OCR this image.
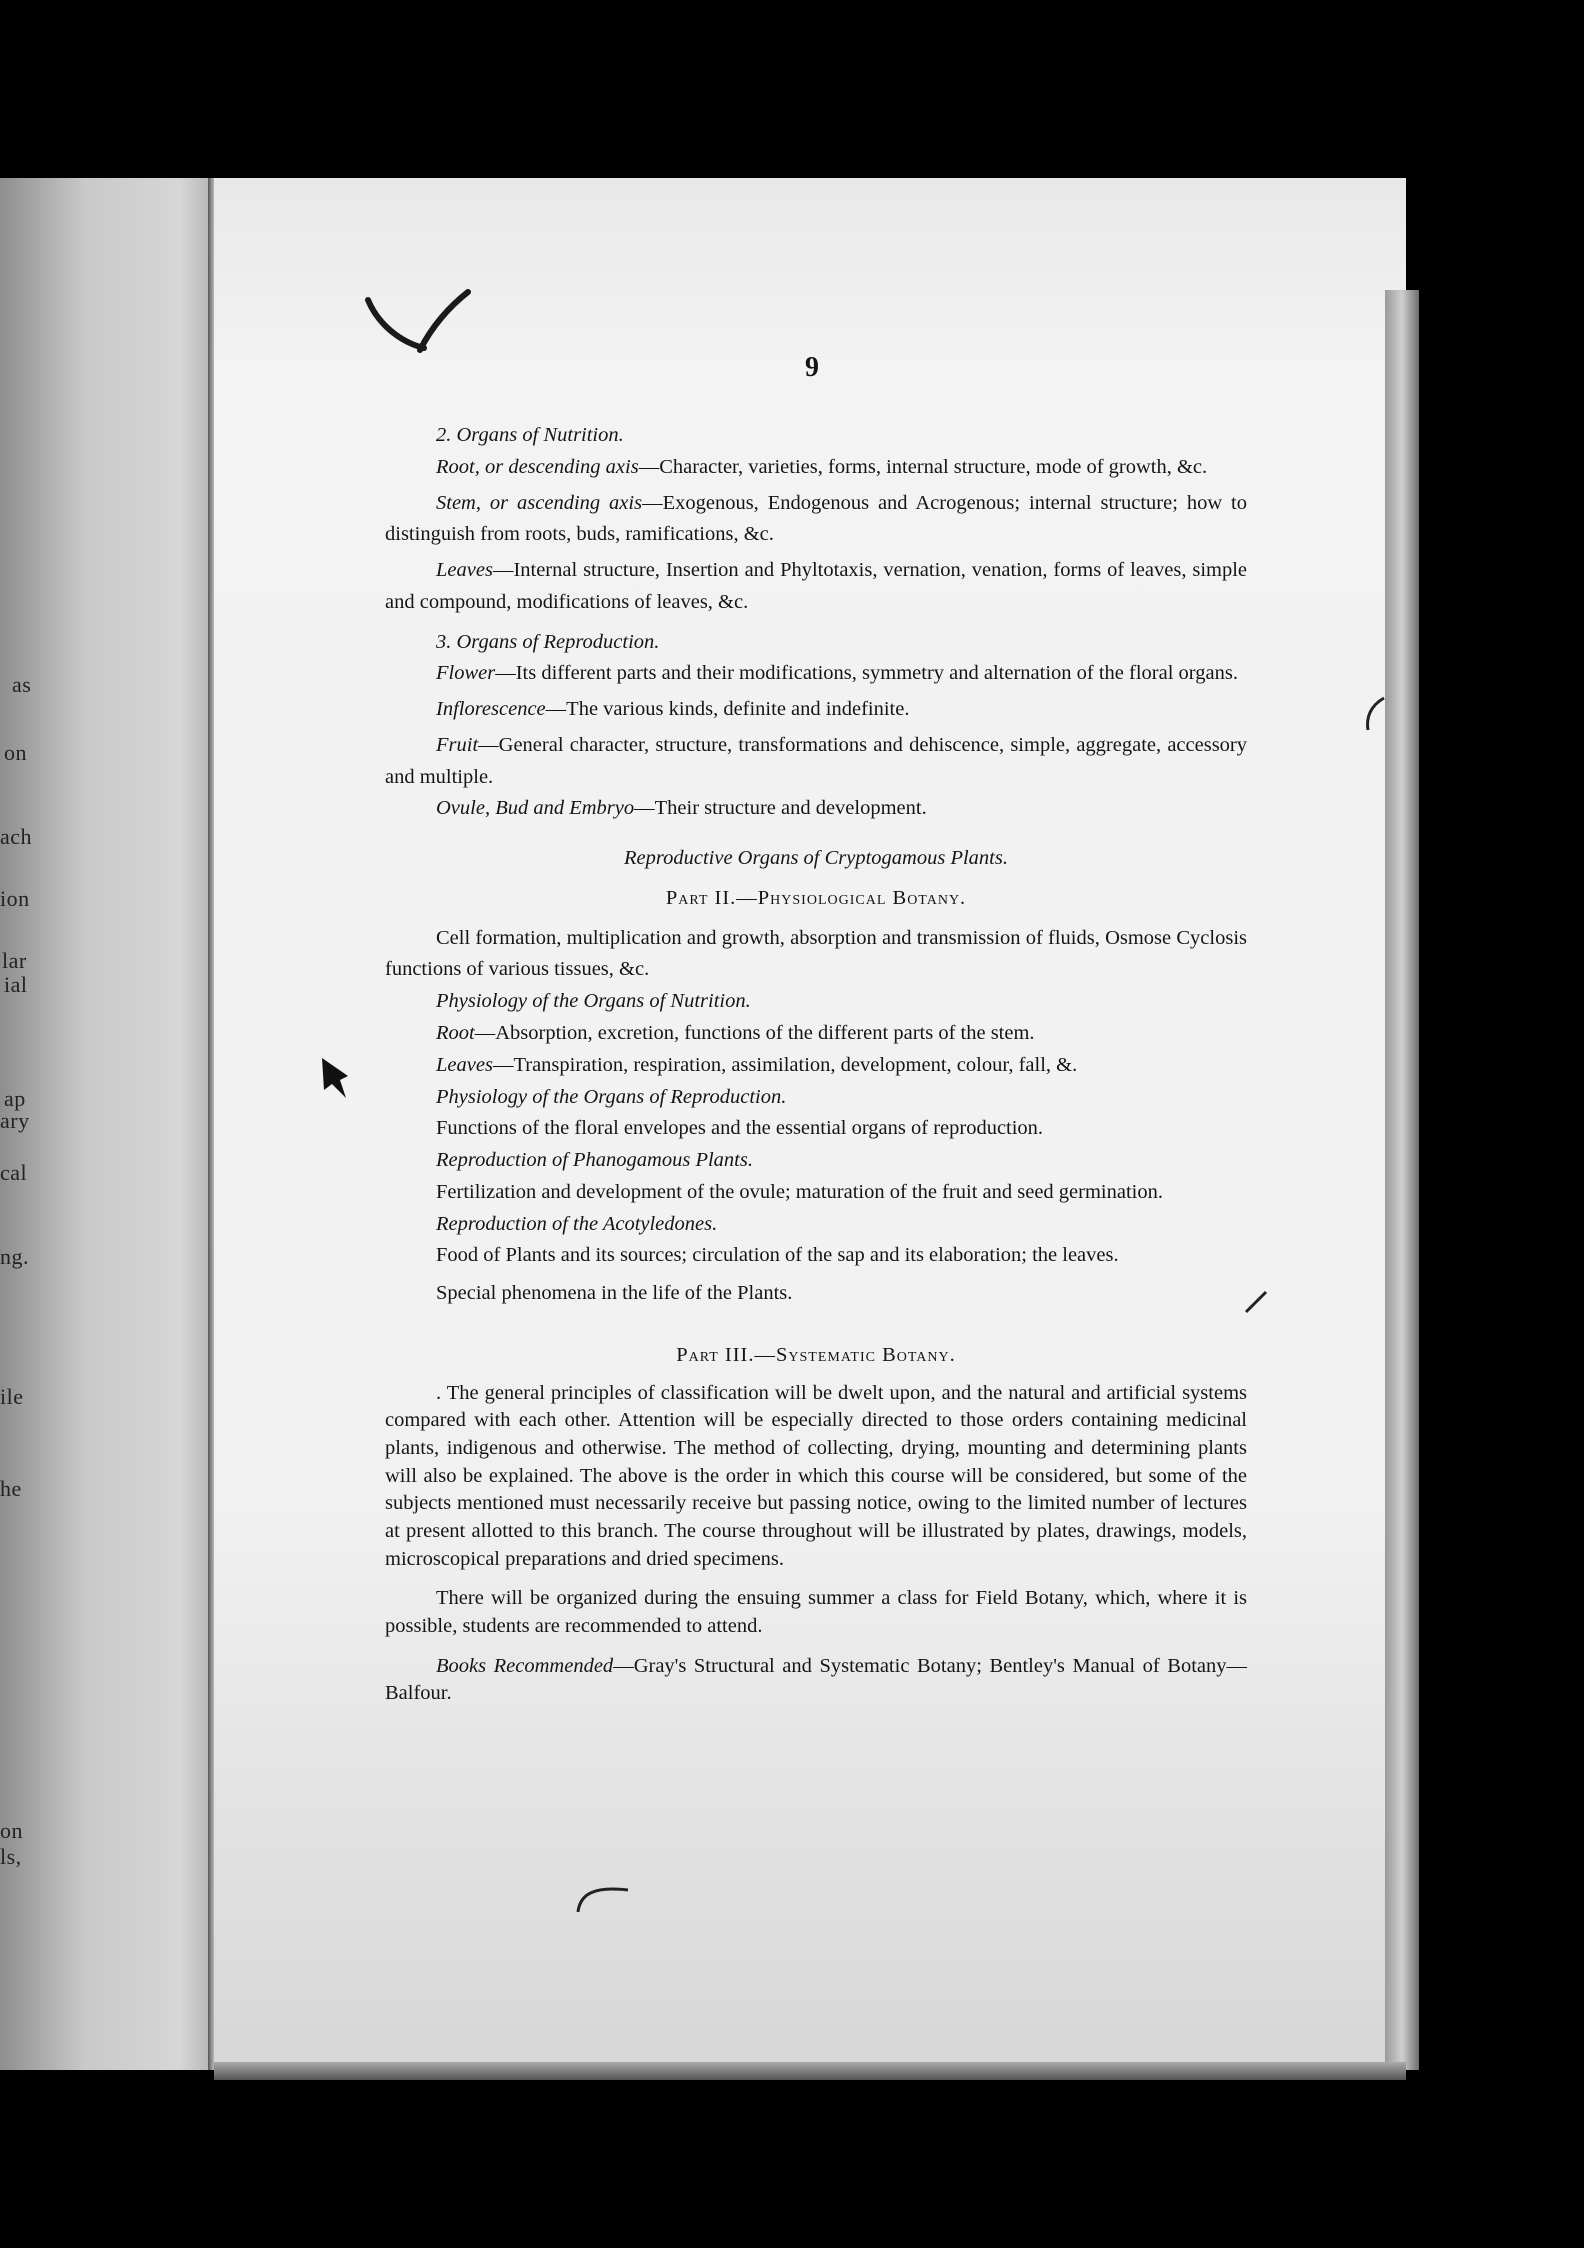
as
on
ach
ion
lar
ial
ap
ary
cal
ng.
ile
he
on
ls,
9

2. Organs of Nutrition.

Root, or descending axis—Character, varieties, forms, internal structure, mode of growth, &c.

Stem, or ascending axis—Exogenous, Endogenous and Acrogenous; internal structure; how to distinguish from roots, buds, ramifications, &c.

Leaves—Internal structure, Insertion and Phyltotaxis, vernation, venation, forms of leaves, simple and compound, modifications of leaves, &c.

3. Organs of Reproduction.

Flower—Its different parts and their modifications, symmetry and alternation of the floral organs.

Inflorescence—The various kinds, definite and indefinite.

Fruit—General character, structure, transformations and dehiscence, simple, aggregate, accessory and multiple.

Ovule, Bud and Embryo—Their structure and development.

Reproductive Organs of Cryptogamous Plants.

Part II.—Physiological Botany.

Cell formation, multiplication and growth, absorption and transmission of fluids, Osmose Cyclosis functions of various tissues, &c.

Physiology of the Organs of Nutrition.

Root—Absorption, excretion, functions of the different parts of the stem.

Leaves—Transpiration, respiration, assimilation, development, colour, fall, &.

Physiology of the Organs of Reproduction.

Functions of the floral envelopes and the essential organs of reproduction.

Reproduction of Phanogamous Plants.

Fertilization and development of the ovule; maturation of the fruit and seed germination.

Reproduction of the Acotyledones.

Food of Plants and its sources; circulation of the sap and its elaboration; the leaves.

Special phenomena in the life of the Plants.

Part III.—Systematic Botany.

. The general principles of classification will be dwelt upon, and the natural and artificial systems compared with each other. Attention will be especially directed to those orders containing medicinal plants, indigenous and otherwise. The method of collecting, drying, mounting and determining plants will also be explained. The above is the order in which this course will be considered, but some of the subjects mentioned must necessarily receive but passing notice, owing to the limited number of lectures at present allotted to this branch. The course throughout will be illustrated by plates, drawings, models, microscopical preparations and dried specimens.

There will be organized during the ensuing summer a class for Field Botany, which, where it is possible, students are recommended to attend.

Books Recommended—Gray's Structural and Systematic Botany; Bentley's Manual of Botany—Balfour.
